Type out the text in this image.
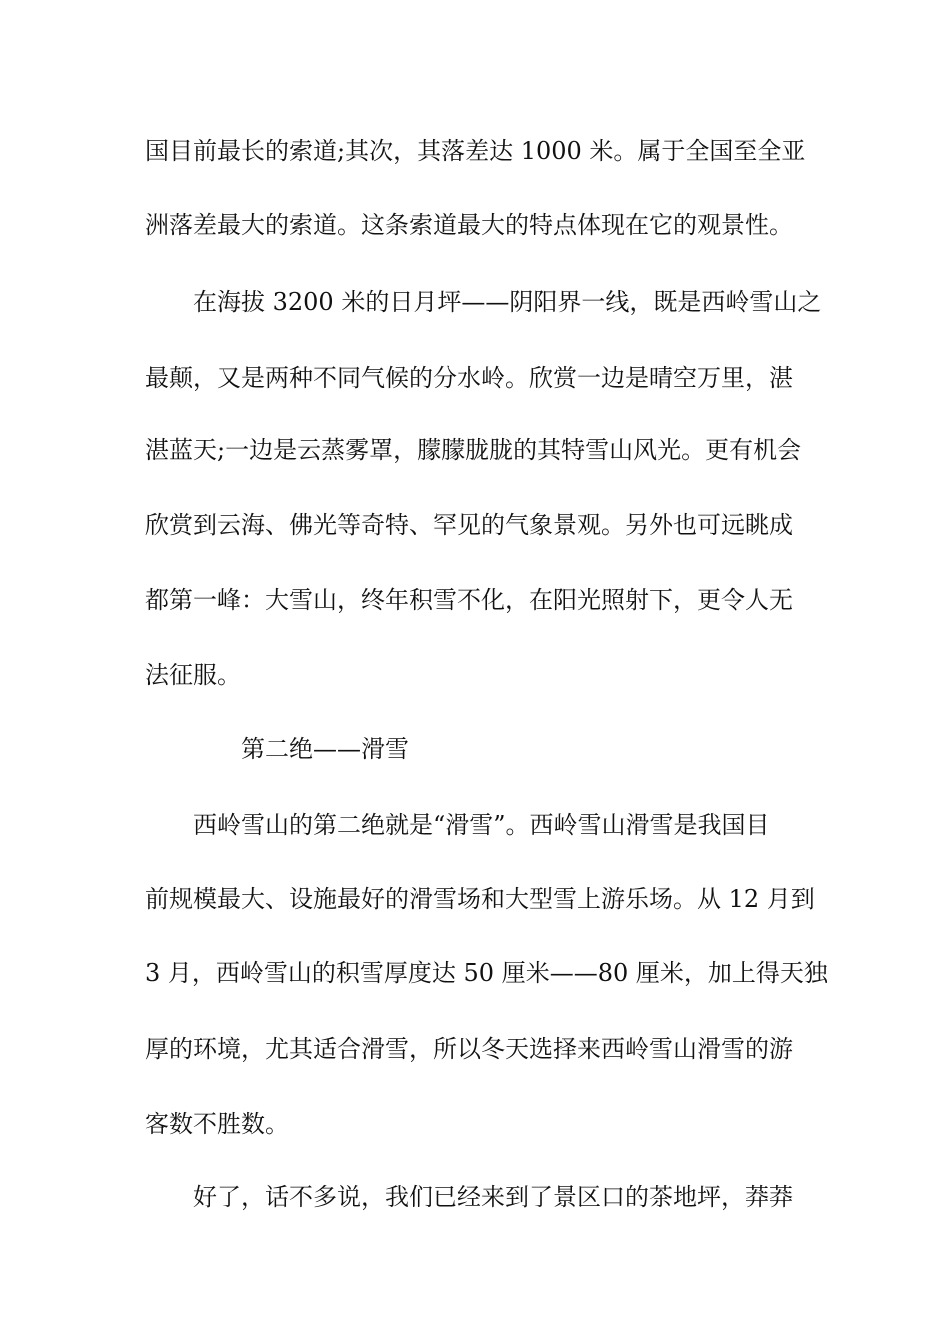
国目前最长的索道;其次，其落差达 1000 米。属于全国至全亚
洲落差最大的索道。这条索道最大的特点体现在它的观景性。
在海拔 3200 米的日月坪——阴阳界一线，既是西岭雪山之
最颠，又是两种不同气候的分水岭。欣赏一边是晴空万里，湛
湛蓝天;一边是云蒸雾罩，朦朦胧胧的其特雪山风光。更有机会
欣赏到云海、佛光等奇特、罕见的气象景观。另外也可远眺成
都第一峰：大雪山，终年积雪不化，在阳光照射下，更令人无
法征服。
第二绝——滑雪
西岭雪山的第二绝就是“滑雪”。西岭雪山滑雪是我国目
前规模最大、设施最好的滑雪场和大型雪上游乐场。从 12 月到
3 月，西岭雪山的积雪厚度达 50 厘米——80 厘米，加上得天独
厚的环境，尤其适合滑雪，所以冬天选择来西岭雪山滑雪的游
客数不胜数。
好了，话不多说，我们已经来到了景区口的茶地坪，莽莽
